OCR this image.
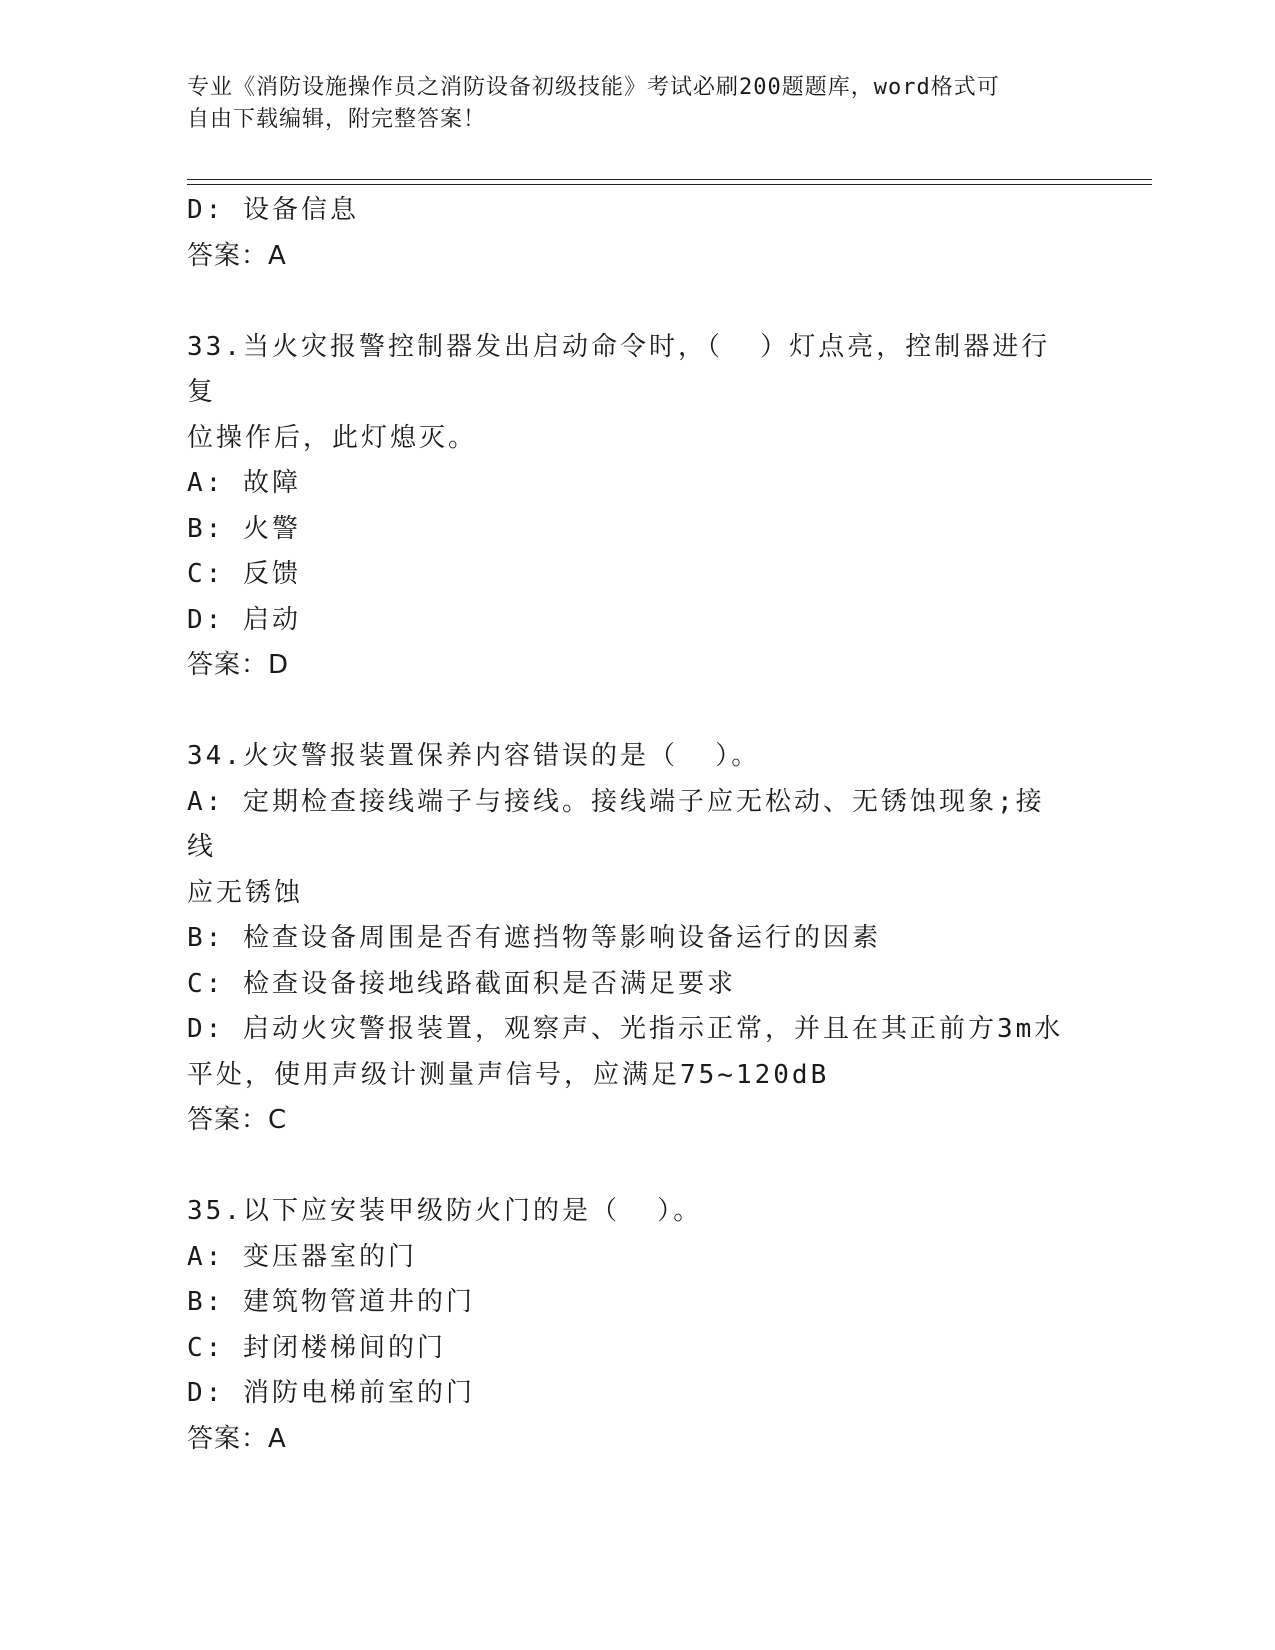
专业《消防设施操作员之消防设备初级技能》考试必刷200题题库，word格式可
自由下载编辑，附完整答案！
D: 设备信息
答案：A
33.当火灾报警控制器发出启动命令时，（  ）灯点亮，控制器进行复
位操作后，此灯熄灭。
A: 故障
B: 火警
C: 反馈
D: 启动
答案：D
34.火灾警报装置保养内容错误的是（  ）。
A: 定期检查接线端子与接线。接线端子应无松动、无锈蚀现象;接线
应无锈蚀
B: 检查设备周围是否有遮挡物等影响设备运行的因素
C: 检查设备接地线路截面积是否满足要求
D: 启动火灾警报装置，观察声、光指示正常，并且在其正前方3m水
平处，使用声级计测量声信号，应满足75~120dB
答案：C
35.以下应安装甲级防火门的是（  ）。
A: 变压器室的门
B: 建筑物管道井的门
C: 封闭楼梯间的门
D: 消防电梯前室的门
答案：A
